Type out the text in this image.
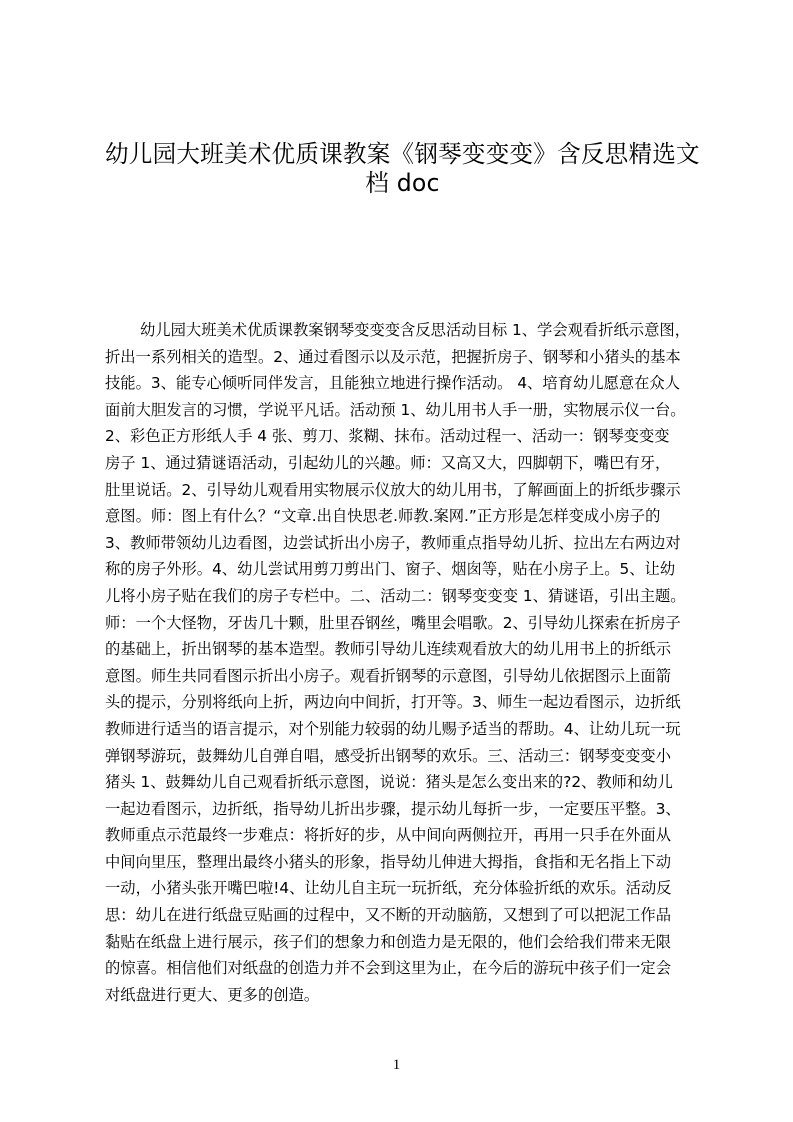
幼儿园大班美术优质课教案《钢琴变变变》含反思精选文
档 doc
幼儿园大班美术优质课教案钢琴变变变含反思活动目标 1、学会观看折纸示意图，
折出一系列相关的造型。2、通过看图示以及示范，把握折房子、钢琴和小猪头的基本
技能。3、能专心倾听同伴发言，且能独立地进行操作活动。 4、培育幼儿愿意在众人
面前大胆发言的习惯，学说平凡话。活动预 1、幼儿用书人手一册，实物展示仪一台。
2、彩色正方形纸人手 4 张、剪刀、浆糊、抹布。活动过程一、活动一：钢琴变变变
房子 1、通过猜谜语活动，引起幼儿的兴趣。师：又高又大，四脚朝下，嘴巴有牙，
肚里说话。2、引导幼儿观看用实物展示仪放大的幼儿用书，了解画面上的折纸步骤示
意图。师：图上有什么？“文章.出自快思老.师教.案网.”正方形是怎样变成小房子的
3、教师带领幼儿边看图，边尝试折出小房子，教师重点指导幼儿折、拉出左右两边对
称的房子外形。4、幼儿尝试用剪刀剪出门、窗子、烟囱等，贴在小房子上。5、让幼
儿将小房子贴在我们的房子专栏中。二、活动二：钢琴变变变 1、猜谜语，引出主题。
师：一个大怪物，牙齿几十颗，肚里吞钢丝，嘴里会唱歌。2、引导幼儿探索在折房子
的基础上，折出钢琴的基本造型。教师引导幼儿连续观看放大的幼儿用书上的折纸示
意图。师生共同看图示折出小房子。观看折钢琴的示意图，引导幼儿依据图示上面箭
头的提示，分别将纸向上折，两边向中间折，打开等。3、师生一起边看图示，边折纸
教师进行适当的语言提示，对个别能力较弱的幼儿赐予适当的帮助。4、让幼儿玩一玩
弹钢琴游玩，鼓舞幼儿自弹自唱，感受折出钢琴的欢乐。三、活动三：钢琴变变变小
猪头 1、鼓舞幼儿自己观看折纸示意图，说说：猪头是怎么变出来的?2、教师和幼儿
一起边看图示，边折纸，指导幼儿折出步骤，提示幼儿每折一步，一定要压平整。3、
教师重点示范最终一步难点：将折好的步，从中间向两侧拉开，再用一只手在外面从
中间向里压，整理出最终小猪头的形象，指导幼儿伸进大拇指，食指和无名指上下动
一动，小猪头张开嘴巴啦!4、让幼儿自主玩一玩折纸，充分体验折纸的欢乐。活动反
思：幼儿在进行纸盘豆贴画的过程中，又不断的开动脑筋，又想到了可以把泥工作品
黏贴在纸盘上进行展示，孩子们的想象力和创造力是无限的，他们会给我们带来无限
的惊喜。相信他们对纸盘的创造力并不会到这里为止，在今后的游玩中孩子们一定会
对纸盘进行更大、更多的创造。
1
